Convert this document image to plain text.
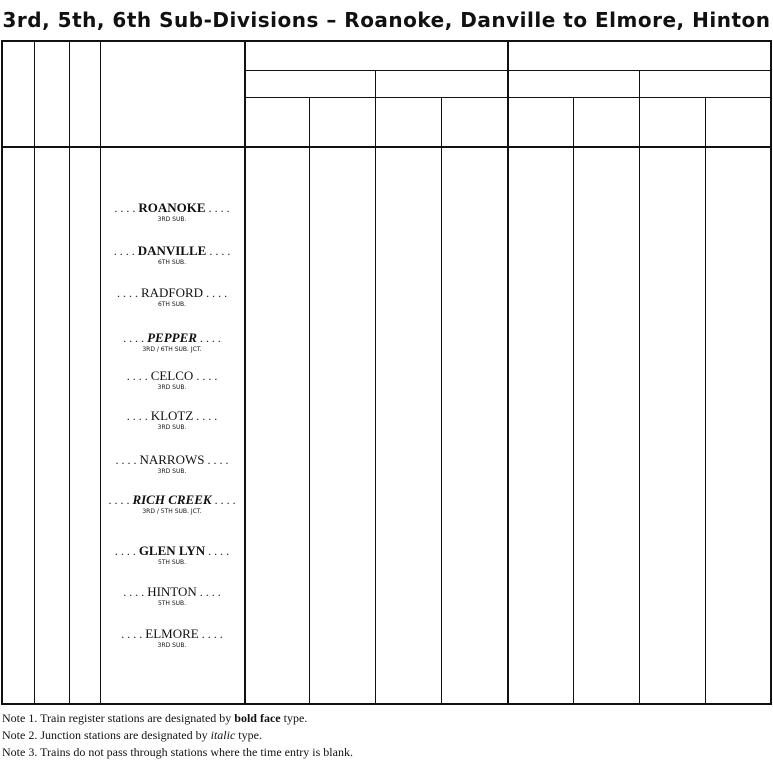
3rd, 5th, 6th Sub-Divisions – Roanoke, Danville to Elmore, Hinton
. . . . ROANOKE . . . .
3RD SUB.
. . . . DANVILLE . . . .
6TH SUB.
. . . . RADFORD . . . .
6TH SUB.
. . . . PEPPER . . . .
3RD / 6TH SUB. JCT.
. . . . CELCO . . . .
3RD SUB.
. . . . KLOTZ . . . .
3RD SUB.
. . . . NARROWS . . . .
3RD SUB.
. . . . RICH CREEK . . . .
3RD / 5TH SUB. JCT.
. . . . GLEN LYN . . . .
5TH SUB.
. . . . HINTON . . . .
5TH SUB.
. . . . ELMORE . . . .
3RD SUB.
Note 1. Train register stations are designated by bold face type.
Note 2. Junction stations are designated by italic type.
Note 3. Trains do not pass through stations where the time entry is blank.
